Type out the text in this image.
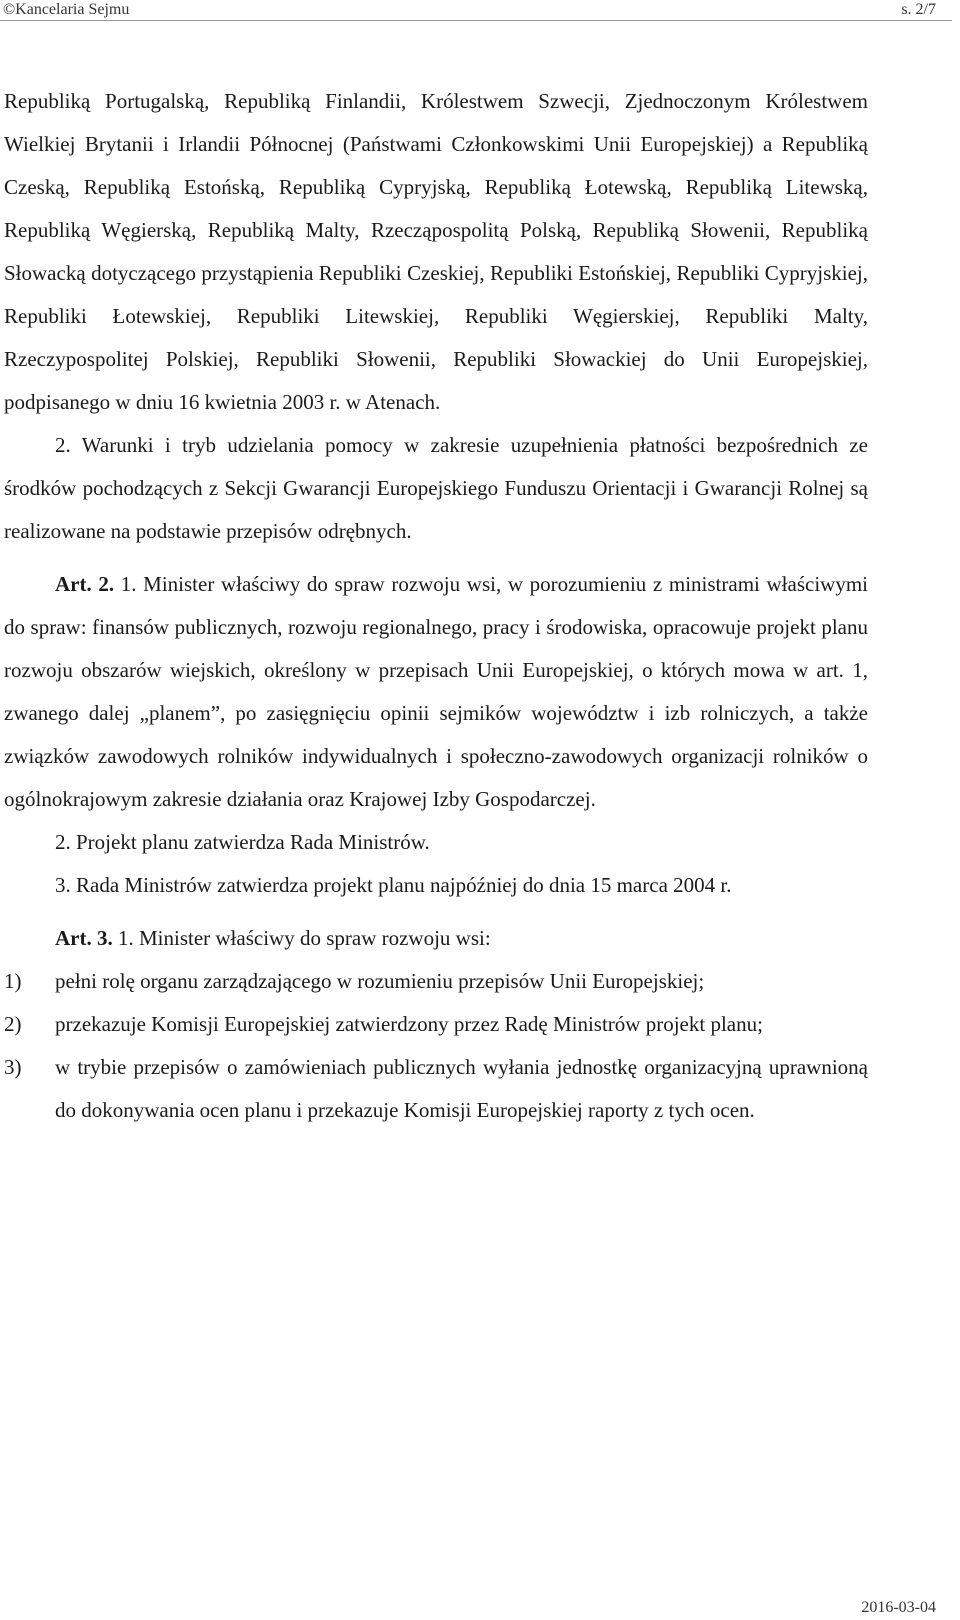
©Kancelaria Sejmu	s. 2/7

Republiką Portugalską, Republiką Finlandii, Królestwem Szwecji, Zjednoczonym Królestwem Wielkiej Brytanii i Irlandii Północnej (Państwami Członkowskimi Unii Europejskiej) a Republiką Czeską, Republiką Estońską, Republiką Cypryjską, Republiką Łotewską, Republiką Litewską, Republiką Węgierską, Republiką Malty, Rzecząpospolitą Polską, Republiką Słowenii, Republiką Słowacką dotyczącego przystąpienia Republiki Czeskiej, Republiki Estońskiej, Republiki Cypryjskiej, Republiki Łotewskiej, Republiki Litewskiej, Republiki Węgierskiej, Republiki Malty, Rzeczypospolitej Polskiej, Republiki Słowenii, Republiki Słowackiej do Unii Europejskiej, podpisanego w dniu 16 kwietnia 2003 r. w Atenach.

2. Warunki i tryb udzielania pomocy w zakresie uzupełnienia płatności bezpośrednich ze środków pochodzących z Sekcji Gwarancji Europejskiego Funduszu Orientacji i Gwarancji Rolnej są realizowane na podstawie przepisów odrębnych.

Art. 2. 1. Minister właściwy do spraw rozwoju wsi, w porozumieniu z ministrami właściwymi do spraw: finansów publicznych, rozwoju regionalnego, pracy i środowiska, opracowuje projekt planu rozwoju obszarów wiejskich, określony w przepisach Unii Europejskiej, o których mowa w art. 1, zwanego dalej „planem”, po zasięgnięciu opinii sejmików województw i izb rolniczych, a także związków zawodowych rolników indywidualnych i społeczno-zawodowych organizacji rolników o ogólnokrajowym zakresie działania oraz Krajowej Izby Gospodarczej.

2. Projekt planu zatwierdza Rada Ministrów.

3. Rada Ministrów zatwierdza projekt planu najpóźniej do dnia 15 marca 2004 r.

Art. 3. 1. Minister właściwy do spraw rozwoju wsi:

1)	pełni rolę organu zarządzającego w rozumieniu przepisów Unii Europejskiej;
2)	przekazuje Komisji Europejskiej zatwierdzony przez Radę Ministrów projekt planu;
3)	w trybie przepisów o zamówieniach publicznych wyłania jednostkę organizacyjną uprawnioną do dokonywania ocen planu i przekazuje Komisji Europejskiej raporty z tych ocen.
2016-03-04
